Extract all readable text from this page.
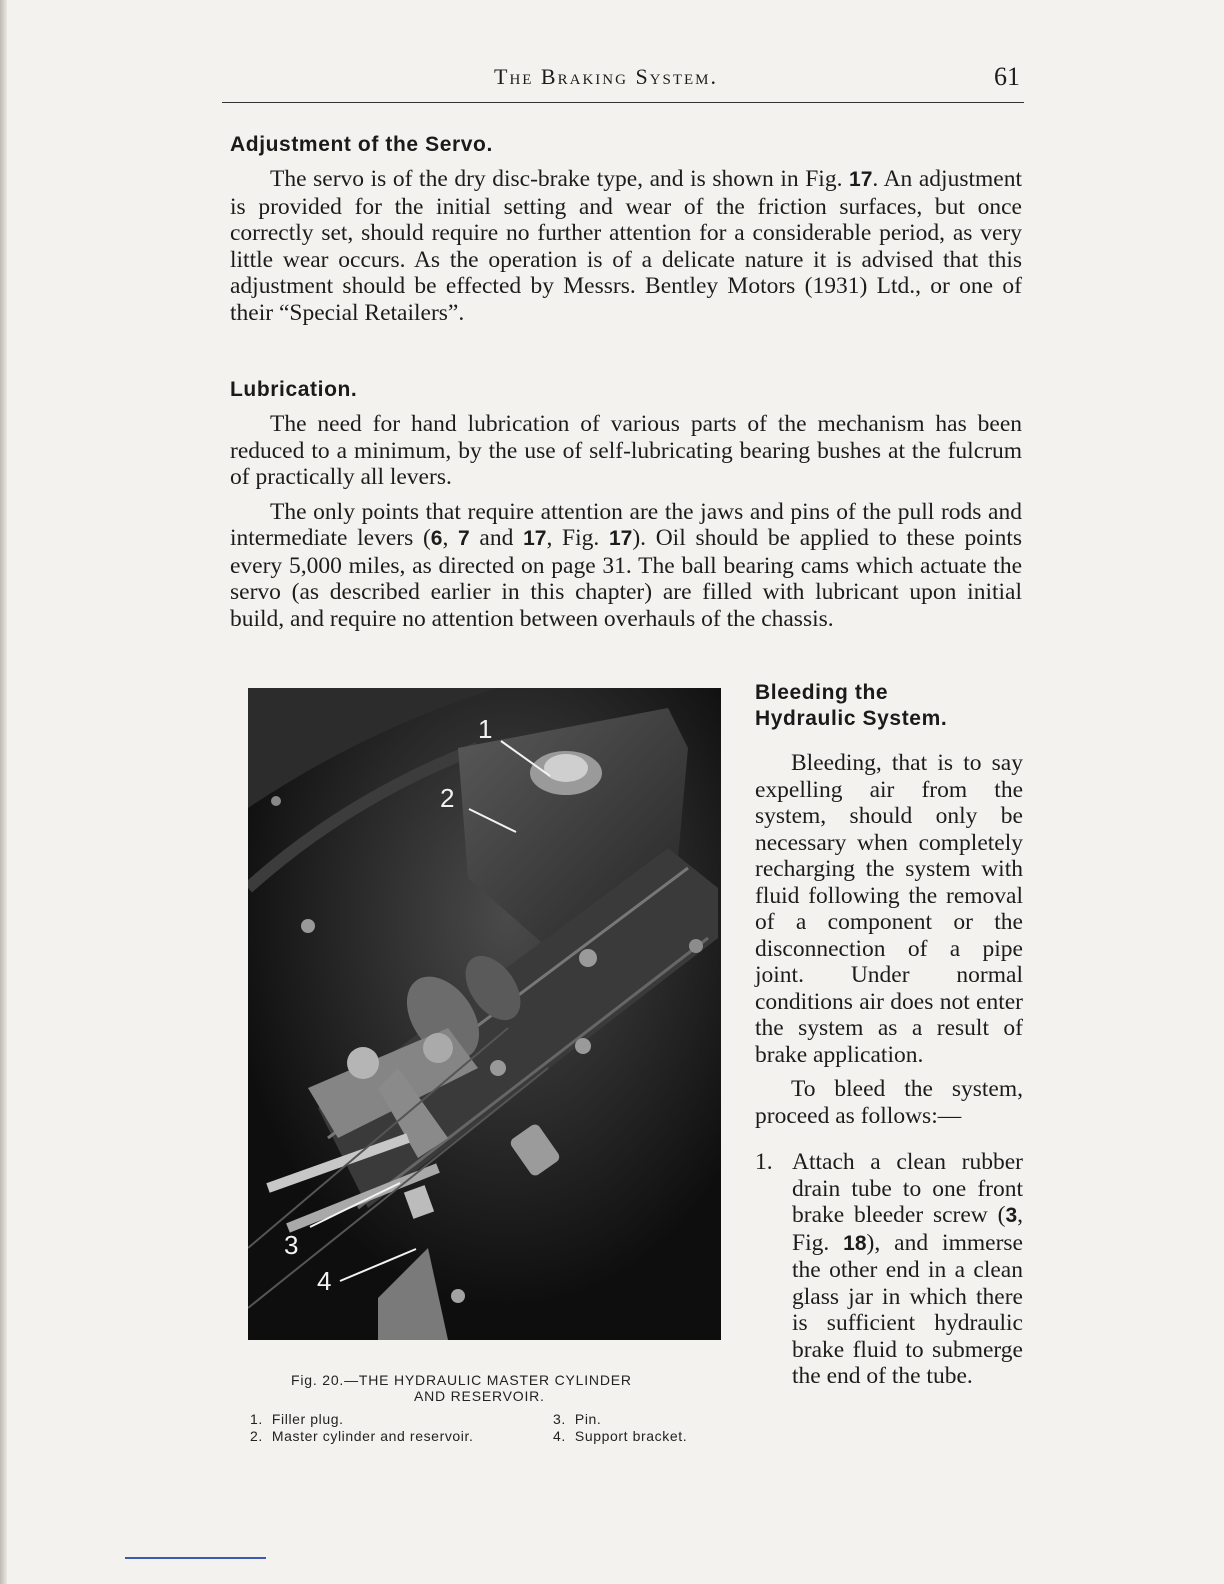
The Braking System.	61
Adjustment of the Servo.

The servo is of the dry disc-brake type, and is shown in Fig. 17. An adjustment is provided for the initial setting and wear of the friction surfaces, but once correctly set, should require no further attention for a considerable period, as very little wear occurs. As the operation is of a delicate nature it is advised that this adjustment should be effected by Messrs. Bentley Motors (1931) Ltd., or one of their “Special Retailers”.

Lubrication.

The need for hand lubrication of various parts of the mechanism has been reduced to a minimum, by the use of self-lubricating bearing bushes at the fulcrum of practically all levers.

The only points that require attention are the jaws and pins of the pull rods and intermediate levers (6, 7 and 17, Fig. 17). Oil should be applied to these points every 5,000 miles, as directed on page 31. The ball bearing cams which actuate the servo (as described earlier in this chapter) are filled with lubricant upon initial build, and require no attention between overhauls of the chassis.

1
2
3
4
Fig. 20.—THE HYDRAULIC MASTER CYLINDER
AND RESERVOIR.
1. Filler plug.
2. Master cylinder and reservoir.
3. Pin.
4. Support bracket.
Bleeding the
Hydraulic System.

Bleeding, that is to say expelling air from the system, should only be necessary when completely recharging the system with fluid following the removal of a component or the disconnection of a pipe joint. Under normal conditions air does not enter the system as a result of brake application.

To bleed the system, proceed as follows:—

1. Attach a clean rubber drain tube to one front brake bleeder screw (3, Fig. 18), and immerse the other end in a clean glass jar in which there is sufficient hydraulic brake fluid to submerge the end of the tube.
